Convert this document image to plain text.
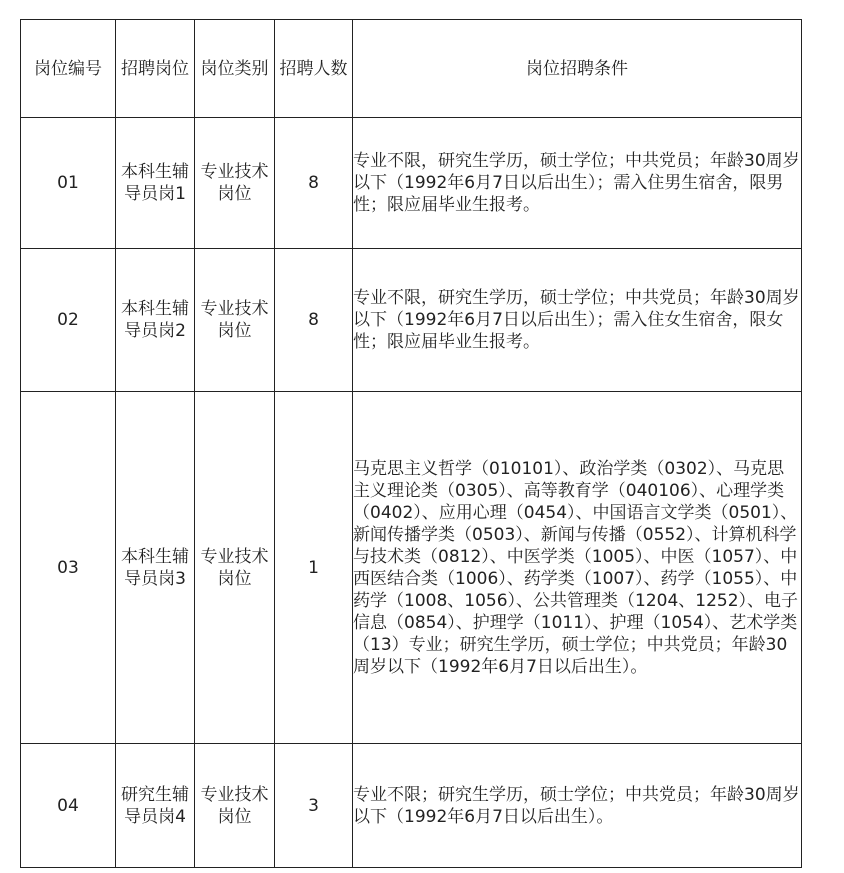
岗位编号	招聘岗位	岗位类别	招聘人数	岗位招聘条件
01	本科生辅导员岗1	专业技术岗位	8	专业不限，研究生学历，硕士学位；中共党员；年龄30周岁以下（1992年6月7日以后出生）；需入住男生宿舍，限男性；限应届毕业生报考。
02	本科生辅导员岗2	专业技术岗位	8	专业不限，研究生学历，硕士学位；中共党员；年龄30周岁以下（1992年6月7日以后出生）；需入住女生宿舍，限女性；限应届毕业生报考。
03	本科生辅导员岗3	专业技术岗位	1	马克思主义哲学（010101）、政治学类（0302）、马克思主义理论类（0305）、高等教育学（040106）、心理学类（0402）、应用心理（0454）、中国语言文学类（0501）、新闻传播学类（0503）、新闻与传播（0552）、计算机科学与技术类（0812）、中医学类（1005）、中医（1057）、中西医结合类（1006）、药学类（1007）、药学（1055）、中药学（1008、1056）、公共管理类（1204、1252）、电子信息（0854）、护理学（1011）、护理（1054）、艺术学类（13）专业；研究生学历，硕士学位；中共党员；年龄30周岁以下（1992年6月7日以后出生）。
04	研究生辅导员岗4	专业技术岗位	3	专业不限；研究生学历，硕士学位；中共党员；年龄30周岁以下（1992年6月7日以后出生）。
